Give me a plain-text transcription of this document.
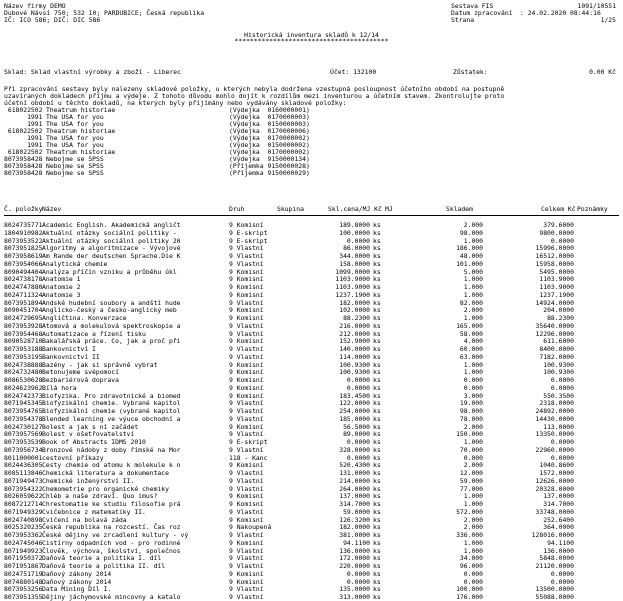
Název firmy DEMO
Dubové Návsí 750; 532 10; PARDUBICE; Česká republika
IČ: ICO 586; DIČ: DIC 586
Sestava FIS	1091/10551
Datum zpracování : 24.02.2020 08:44:16
Strana	1/25
Historická inventura skladů k 12/14
****************************************
Sklad: Sklad vlastní výrobky a zboží - Liberec	Účet: 132100	Zůstatek:	0.00 Kč
Při zpracování sestavy byly nalezeny skladové položky, u kterých nebyla dodržena vzestupná posloupnost účetního období na postupně
uzavíraných dokladech příjmu a výdeje. Z tohoto důvodu mohlo dojít k rozdílům mezi inventurou a účetním stavem. Zkontrolujte proto
účetní období u těchto dokladů, na kterých byly přijímány nebo vydávány skladové položky:
618022502 Theatrum historiae	(Výdejka  0160000001)
1991 The USA for you	(Výdejka  0170000003)
1991 The USA for you	(Výdejka  0150000003)
618022502 Theatrum historiae	(Výdejka  0170000006)
1991 The USA for you	(Výdejka  0170000002)
1991 The USA for you	(Výdejka  0150000002)
618022502 Theatrum historiae	(Výdejka  0170000002)
8073958428 Nebojme se SPSS	(Výdejka  9150000134)
8073958428 Nebojme se SPSS	(Příjemka 9150000028)
8073958428 Nebojme se SPSS	(Příjemka 9150000029)
Č. položky Název	Druh	Skupina	Skl.cena/MJ Kč MJ	Skladem	Celkem Kč Poznámky
8024735771 Academic English. Akademická angličt	9 Komisní	189.8000 ks	2.000	379.6000
1804910982 Aktuální otázky sociální politiky -	9 E-skript	100.0000 ks	98.000	9800.0000
8073953522 Aktuální otázky sociální politiky 20	9 E-skript	0.0000 ks	1.000	0.0000
8073951825 Algoritmy a algoritmizace - Vývojové	9 Vlastní	86.0000 ks	186.000	15996.0000
8073958619 Am Rande der deutschen Sprache.Die K	9 Vlastní	344.0000 ks	48.000	16512.0000
8073954066 Analytická chemie	9 Vlastní	158.0000 ks	101.000	15958.0000
8090494404 Analýza příčin vzniku a průběhu úkl	9 Komisní	1099.0000 ks	5.000	5495.0000
8024738178 Anatomie 1	9 Komisní	1103.9000 ks	1.000	1103.9000
8024747880 Anatomie 2	9 Komisní	1103.9000 ks	1.000	1103.9000
8024711324 Anatomie 3	9 Komisní	1237.1900 ks	1.000	1237.1900
8073951894 Andské hudební soubory a andští hude	9 Vlastní	182.0000 ks	82.000	14924.0000
8090451704 Anglicko-český a česko-anglický meb	9 Komisní	102.0000 ks	2.000	204.0000
8024729695 Angličtina. Konverzace	9 Komisní	88.2300 ks	1.000	88.2300
8073953928 Atomová a molekulová spektroskopie a	9 Vlastní	216.0000 ks	165.000	35640.0000
8073954468 Automatizace a řízení tisku	9 Vlastní	212.0000 ks	58.000	12296.0000
8090528710 Bakalářská práce. Co, jak a proč při	9 Komisní	152.9000 ks	4.000	611.6000
8073953188 Bankovnictví I	9 Vlastní	140.0000 ks	60.000	8400.0000
8073953195 Bankovnictví II	9 Vlastní	114.0000 ks	63.000	7182.0000
8024738888 Bazény - jak si správně vybrat	9 Komisní	100.9300 ks	1.000	100.9300
8024732480 Betonujeme svépomocí	9 Komisní	100.9300 ks	1.000	100.9300
8086530628 Bezbariérová doprava	9 Komisní	0.0000 ks	0.000	0.0000
8024623962 Bílá hora	9 Komisní	0.0000 ks	0.000	0.0000
8024742373 Biofyzika. Pro zdravotnické a biomed	9 Komisní	183.4500 ks	3.000	550.3500
8071945345 Biofyzikální chemie. Vybrané kapitol	9 Vlastní	122.0000 ks	19.000	2318.0000
8073954765 Biofyzikální chemie (vybrané kapitol	9 Vlastní	254.0000 ks	98.000	24892.0000
8073954378 Blended learning ve výuce obchodní a	9 Vlastní	185.0000 ks	78.000	14430.0000
8024730127 Bolest a jak s ní začádet	9 Komisní	56.5000 ks	2.000	113.0000
8073957569 Bolest v ošetřovatelství	9 Vlastní	89.0000 ks	150.000	13350.0000
8073953539 Book of Abstracts IDMS 2010	9 E-skript	0.0000 ks	1.000	0.0000
8073956734 Bronzové nádoby z doby římské na Mor	9 Vlastní	328.0000 ks	70.000	22960.0000
8011000001 cestovní příkazy	118 - Kanc	0.0000 ks	0.000	0.0000
8024436305 Cesty chemie od atomu k molekule k n	9 Komisní	520.4300 ks	2.000	1040.8600
8085113846 Chemická literatura a dokumentace	9 Vlastní	131.0000 ks	12.000	1572.0000
8071949473 Chemické inženýrství II.	9 Vlastní	214.0000 ks	59.000	12626.0000
8073954322 Chemometrie pro organické chemiky	9 Vlastní	264.0000 ks	77.000	20328.0000
8026059622 Chléb a naše zdraví. Quo imus?	9 Komisní	137.0000 ks	1.000	137.0000
8087212714 Chrestomatie ke studiu filosofie prá	9 Komisní	314.7000 ks	1.000	314.7000
8071949329 Cvičebnice z matematiky II.	9 Vlastní	59.0000 ks	572.000	33748.0000
8024740898 Cvičení na bolavá záda	9 Komisní	126.3200 ks	2.000	252.6400
8025320235 Česká republika na rozcestí. Čas roz	9 Nakoupená	182.0000 ks	2.000	364.0000
8073953362 České dějiny ve zrcadlení kultury - vý	9 Vlastní	381.0000 ks	336.000	128016.0000
8024745046 Cistírny odpadních vod - pro rodinné	9 Komisní	94.1100 ks	1.000	94.1100
8071949923 Člověk, výchova, školství, společnos	9 Vlastní	136.0000 ks	1.000	136.0000
8071950372 Daňová teorie a politika I. díl	9 Vlastní	172.0000 ks	34.000	5848.0000
8071951867 Daňová teorie a politika II. díl	9 Vlastní	220.0000 ks	96.000	21120.0000
8024751719 Daňový zákony 2014	9 Komisní	0.0000 ks	0.000	0.0000
8074880148 Daňový zákony 2014	9 Komisní	0.0000 ks	0.000	0.0000
8073953256 Data Mining Díl I.	9 Vlastní	135.0000 ks	100.000	13500.0000
8073951355 Dějiny jáchymovské mincovny a katalo	9 Vlastní	313.0000 ks	176.000	55088.0000
